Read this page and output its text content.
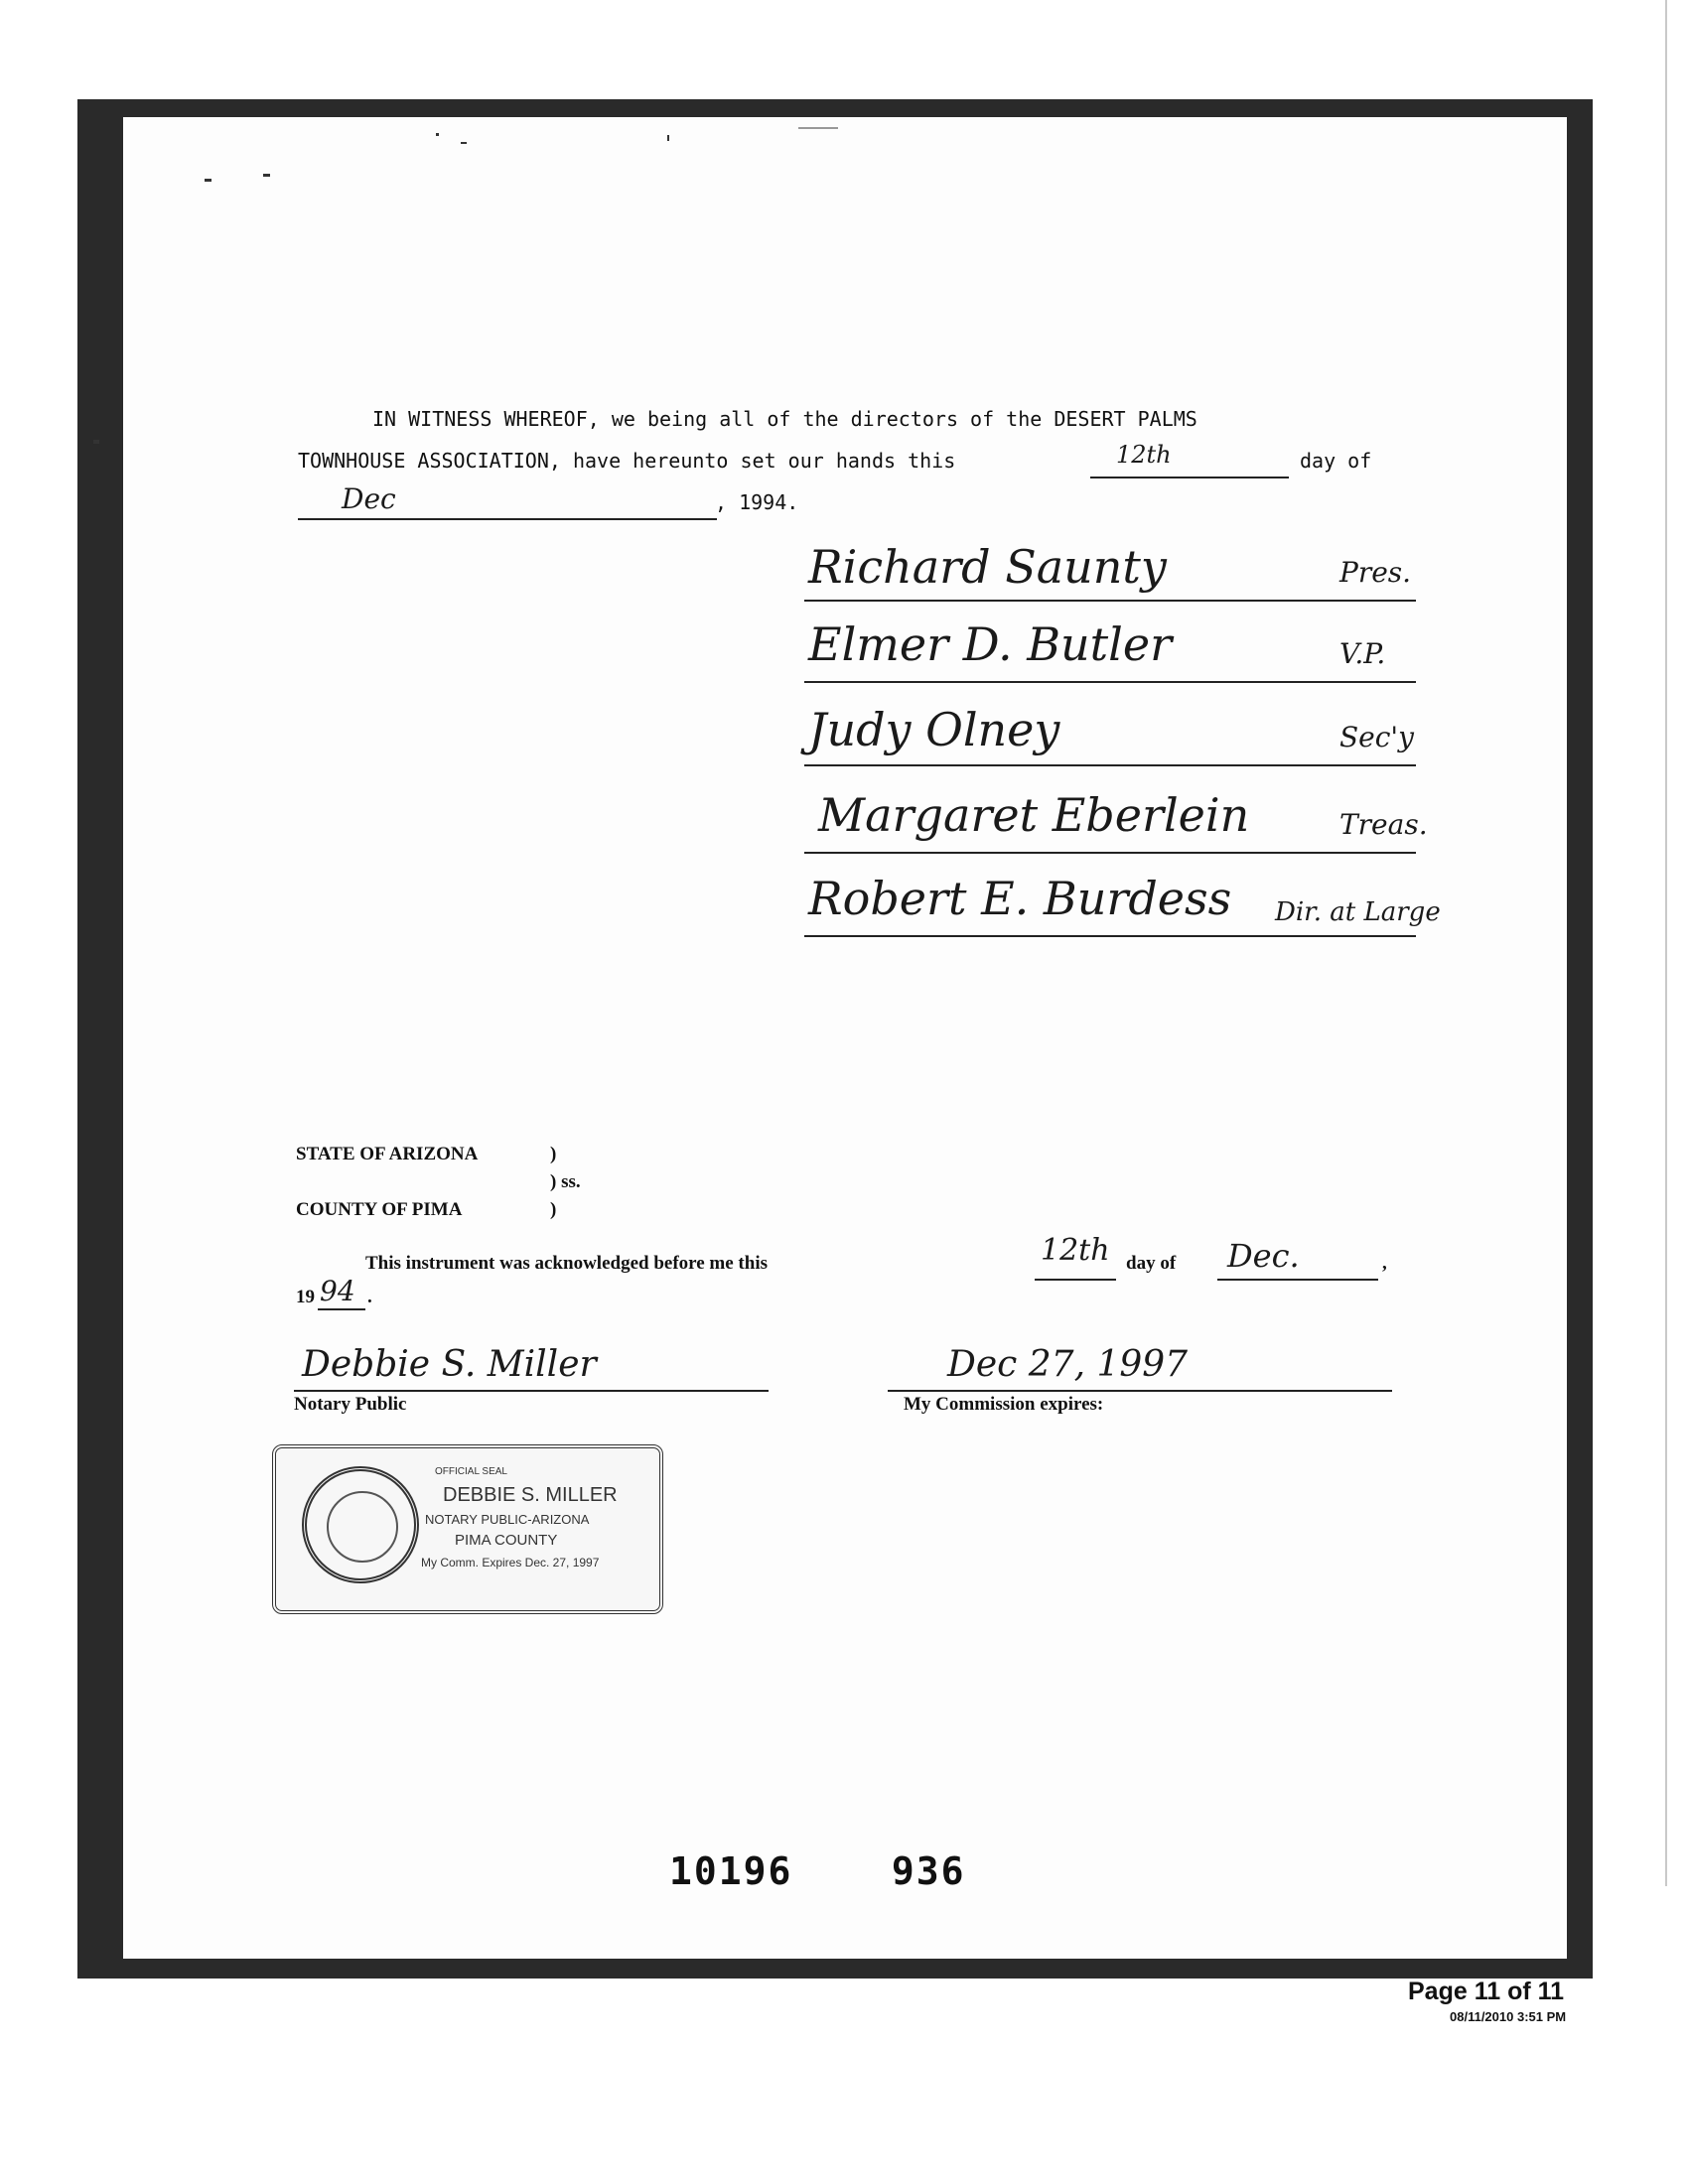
IN WITNESS WHEREOF, we being all of the directors of the DESERT PALMS
TOWNHOUSE ASSOCIATION, have hereunto set our hands this	12th	day of
Dec	, 1994.
Richard Saunty	Pres.
Elmer D. Butler	V.P.
Judy Olney	Sec'y
Margaret Eberlein	Treas.
Robert E. Burdess Dir. at Large
STATE OF ARIZONA	)
) ss.
COUNTY OF PIMA	)
This instrument was acknowledged before me this	12th day of Dec.	,
19 94 .
Debbie S. Miller
Notary Public
Dec 27, 1997
My Commission expires:
10196    936
OFFICIAL SEAL
DEBBIE S. MILLER
NOTARY PUBLIC-ARIZONA
PIMA COUNTY
My Comm. Expires Dec. 27, 1997
Page 11 of 11
08/11/2010 3:51 PM
